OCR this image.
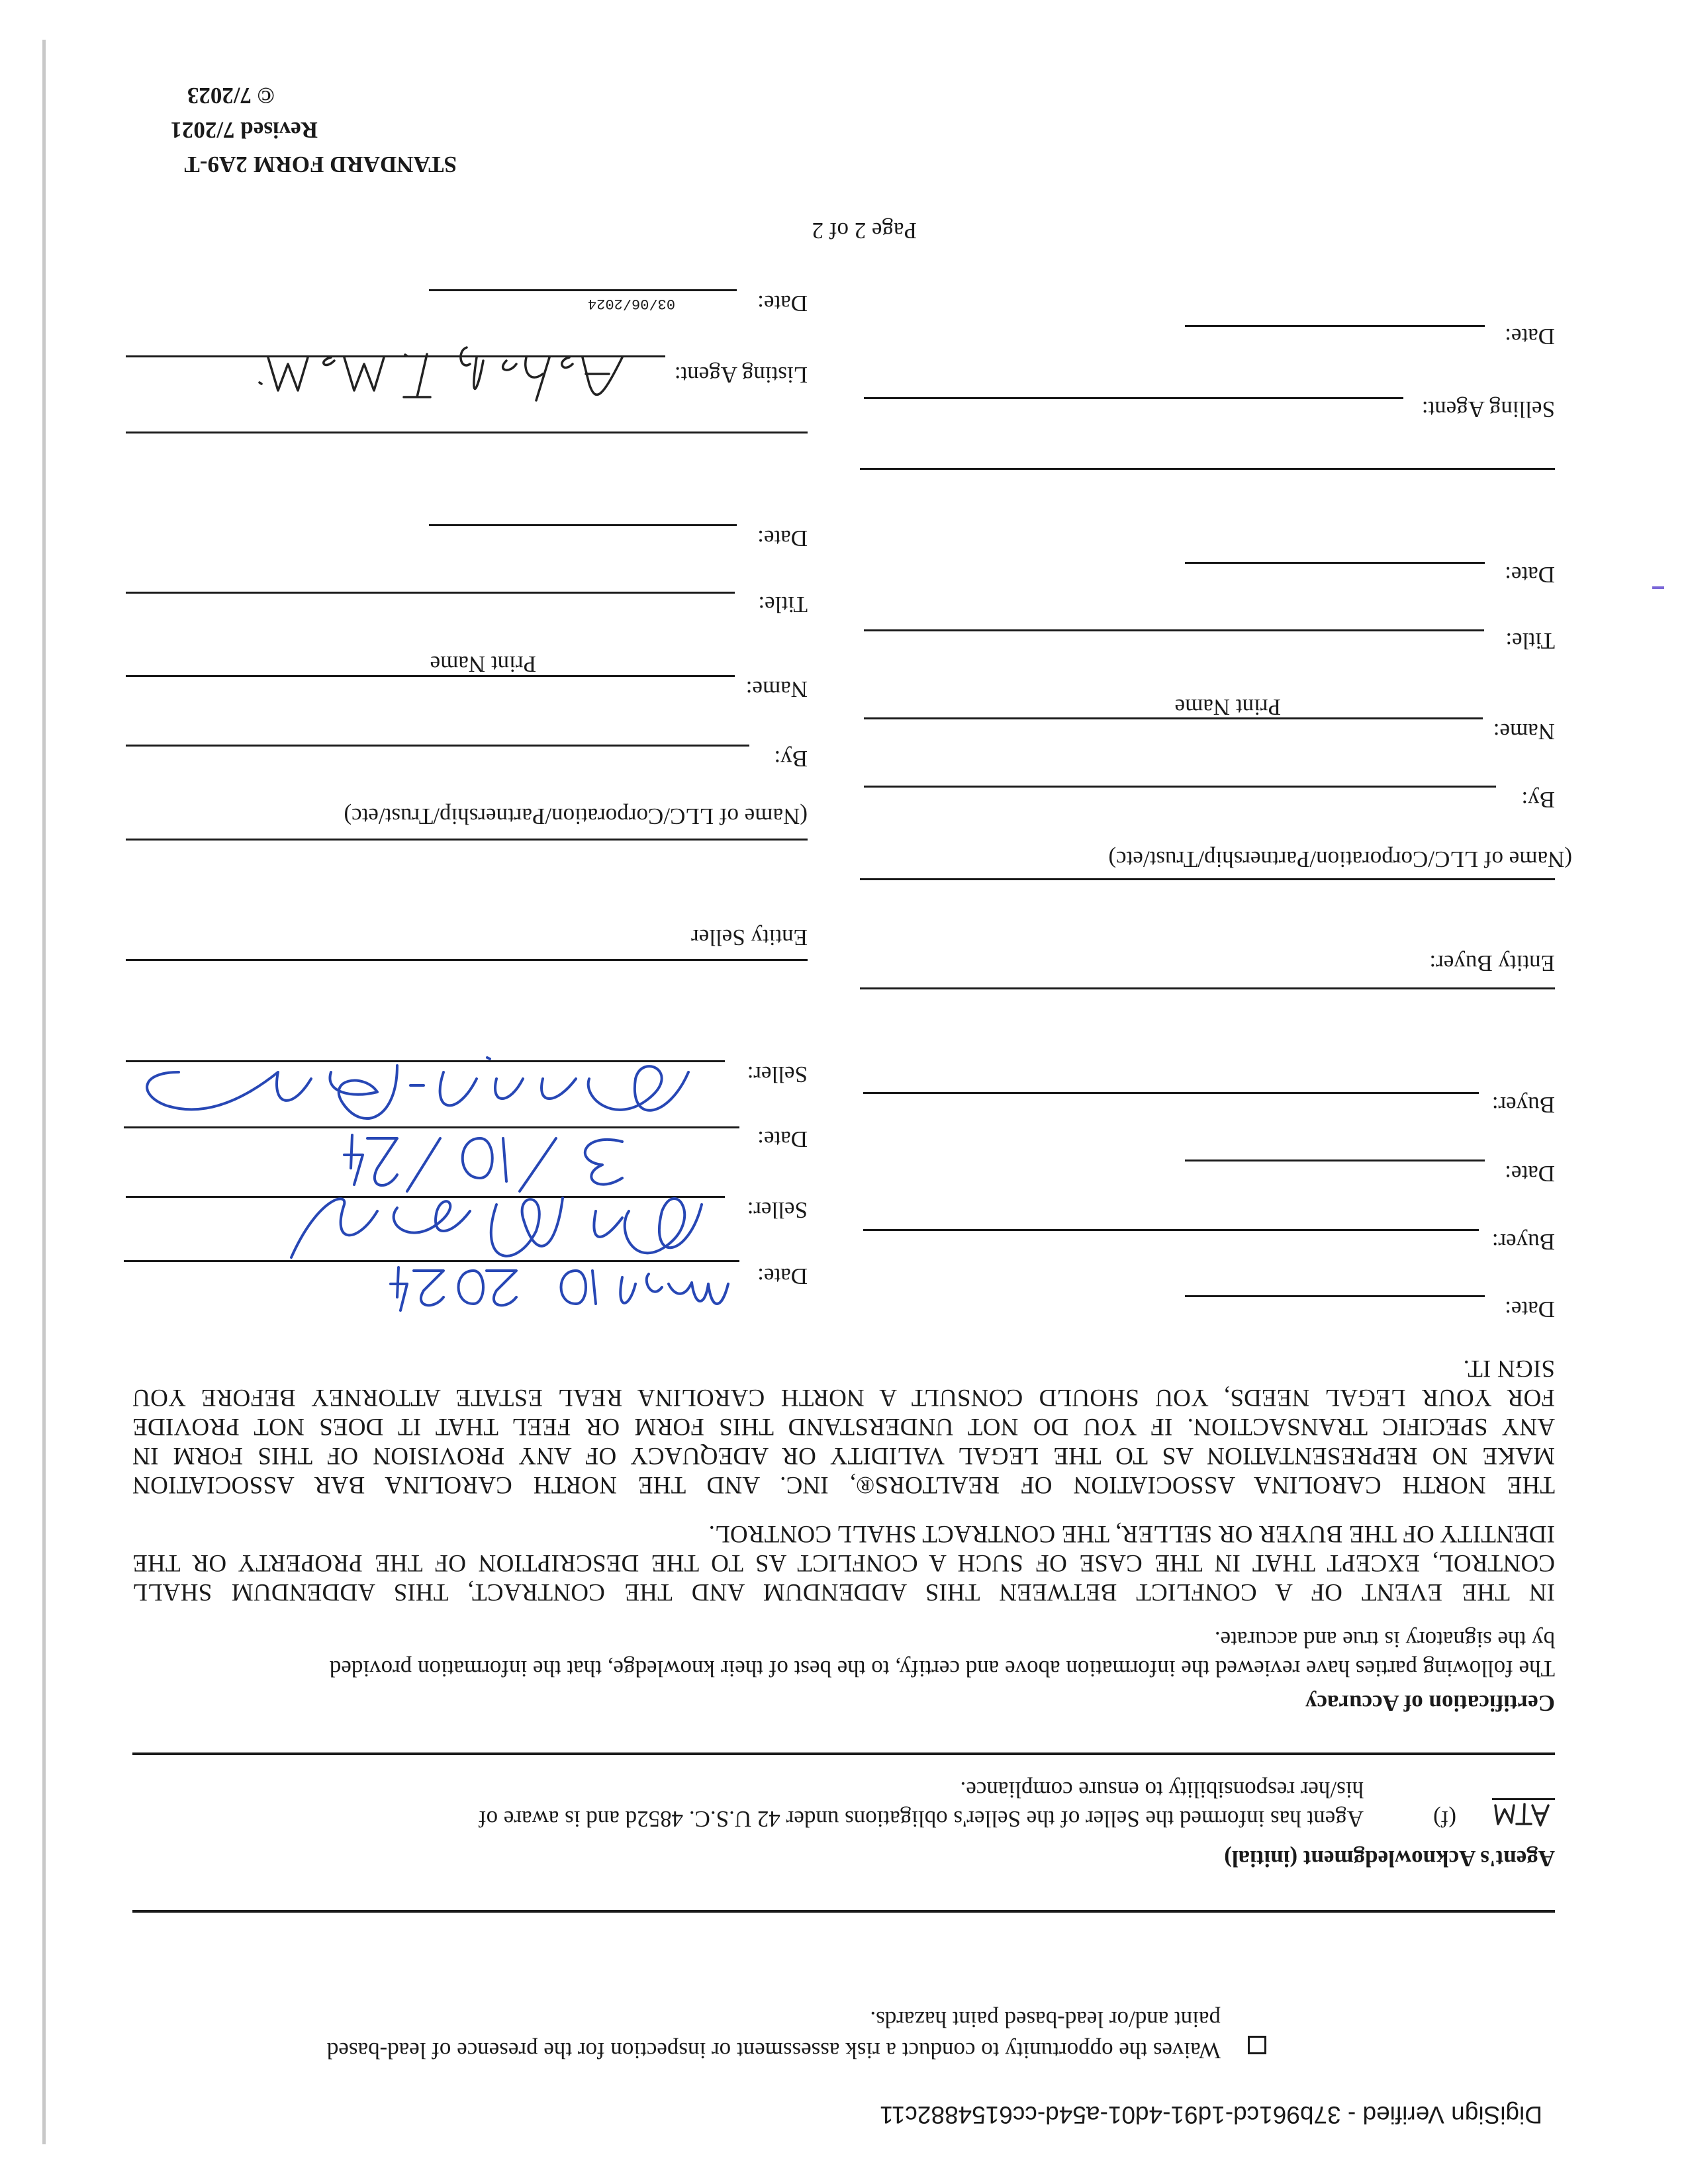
DigiSign Verified - 37b961cd-1d91-4d01-a54d-cc6154882c11
Waives the opportunity to conduct a risk assessment or inspection for the presence of lead-based
paint and/or lead-based paint hazards.
Agent's Acknowledgment (initial)
(f)
Agent has informed the Seller of the Seller's obligations under 42 U.S.C. 4852d and is aware of
his/her responsibility to ensure compliance.
Certification of Accuracy
The following parties have reviewed the information above and certify, to the best of their knowledge, that the information provided
by the signatory is true and accurate.
IN THE EVENT OF A CONFLICT BETWEEN THIS ADDENDUM AND THE CONTRACT, THIS ADDENDUM SHALL
CONTROL, EXCEPT THAT IN THE CASE OF SUCH A CONFLICT AS TO THE DESCRIPTION OF THE PROPERTY OR THE
IDENTITY OF THE BUYER OR SELLER, THE CONTRACT SHALL CONTROL.
THE NORTH CAROLINA ASSOCIATION OF REALTORS®, INC. AND THE NORTH CAROLINA BAR ASSOCIATION
MAKE NO REPRESENTATION AS TO THE LEGAL VALIDITY OR ADEQUACY OF ANY PROVISION OF THIS FORM IN
ANY SPECIFIC TRANSACTION. IF YOU DO NOT UNDERSTAND THIS FORM OR FEEL THAT IT DOES NOT PROVIDE
FOR YOUR LEGAL NEEDS, YOU SHOULD CONSULT A NORTH CAROLINA REAL ESTATE ATTORNEY BEFORE YOU
SIGN IT.
Date:
Buyer:
Date:
Buyer:
Entity Buyer:
(Name of LLC/Corporation/Partnership/Trust/etc)
By:
Name:
Print Name
Title:
Date:
Selling Agent:
Date:
Date:
Seller:
Date:
Seller:
Entity Seller
(Name of LLC/Corporation/Partnership/Trust/etc)
By:
Name:
Print Name
Title:
Date:
Listing Agent:
Date:
03/06/2024
Page 2 of 2
STANDARD FORM 2A9-T
Revised 7/2021
© 7/2023
